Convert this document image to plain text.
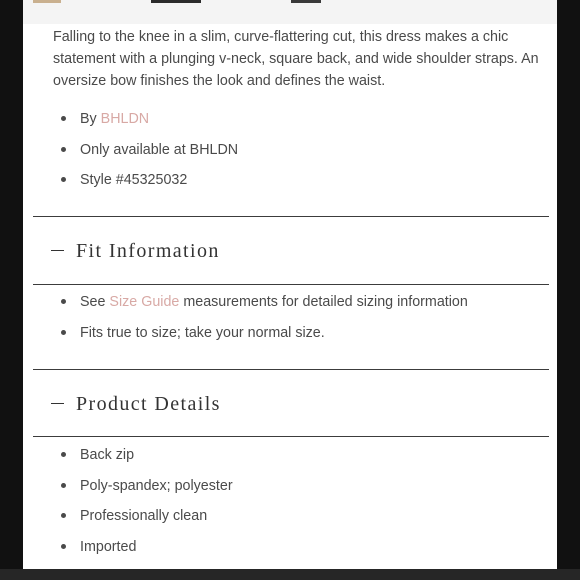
Falling to the knee in a slim, curve-flattering cut, this dress makes a chic statement with a plunging v-neck, square back, and wide shoulder straps. An oversize bow finishes the look and defines the waist.
By BHLDN
Only available at BHLDN
Style #45325032
Fit Information
See Size Guide measurements for detailed sizing information
Fits true to size; take your normal size.
Product Details
Back zip
Poly-spandex; polyester
Professionally clean
Imported
